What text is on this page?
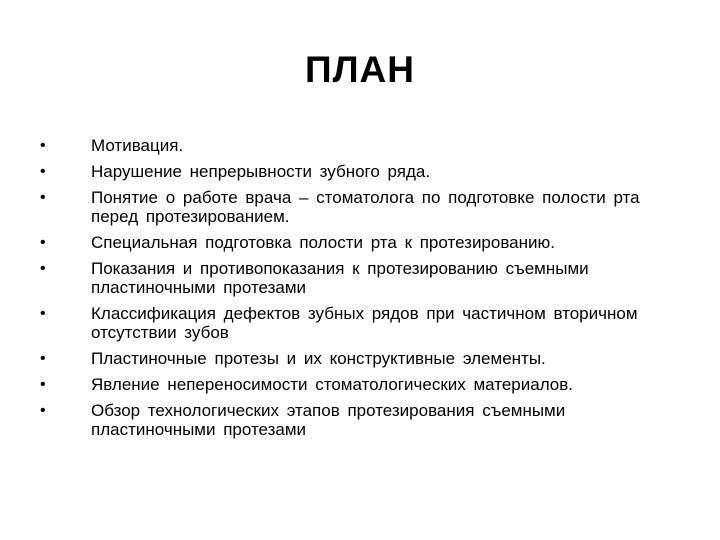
ПЛАН
•	Мотивация.
•	Нарушение непрерывности зубного ряда.
•	Понятие о работе врача – стоматолога по подготовке полости рта перед протезированием.
•	Специальная подготовка полости рта к протезированию.
•	Показания и противопоказания к протезированию съемными пластиночными протезами
•	Классификация дефектов зубных рядов при частичном вторичном отсутствии зубов
•	Пластиночные протезы и их конструктивные элементы.
•	Явление непереносимости стоматологических материалов.
•	Обзор технологических этапов протезирования съемными пластиночными протезами
